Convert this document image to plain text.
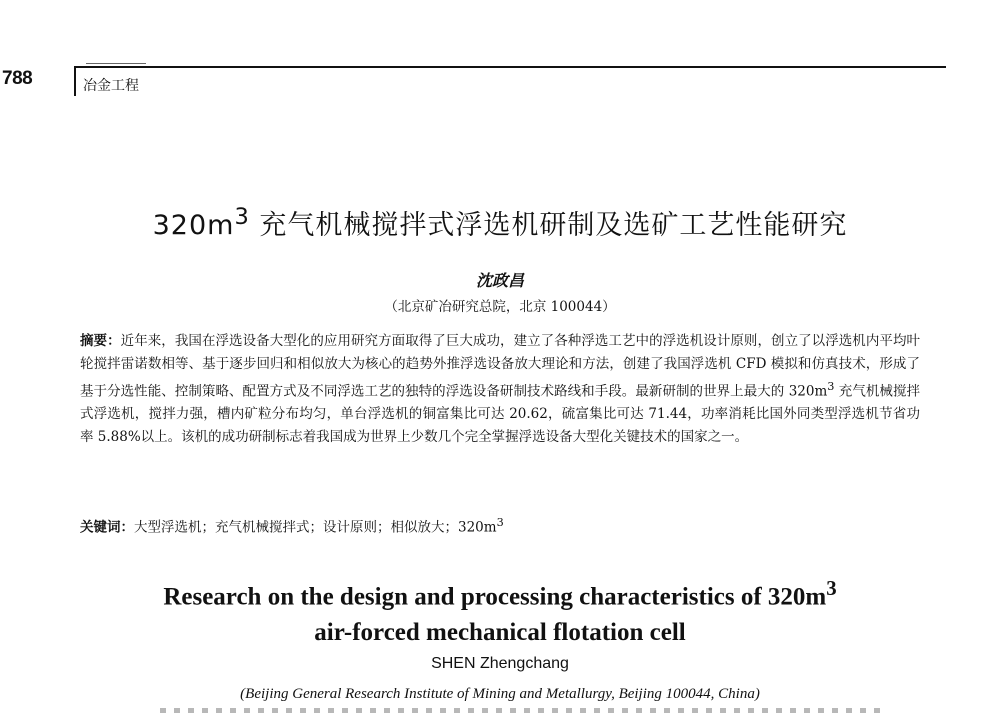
788	冶金工程
$320m^3$ 充气机械搅拌式浮选机研制及选矿工艺性能研究
沈政昌
（北京矿冶研究总院，北京 100044）
摘要：近年来，我国在浮选设备大型化的应用研究方面取得了巨大成功，建立了各种浮选工艺中的浮选机设计原则，创立了以浮选机内平均叶轮搅拌雷诺数相等、基于逐步回归和相似放大为核心的趋势外推浮选设备放大理论和方法，创建了我国浮选机 CFD 模拟和仿真技术，形成了基于分选性能、控制策略、配置方式及不同浮选工艺的独特的浮选设备研制技术路线和手段。最新研制的世界上最大的 $320m^3$ 充气机械搅拌式浮选机，搅拌力强，槽内矿粒分布均匀，单台浮选机的铜富集比可达 20.62，硫富集比可达 71.44，功率消耗比国外同类型浮选机节省功率 5.88%以上。该机的成功研制标志着我国成为世界上少数几个完全掌握浮选设备大型化关键技术的国家之一。
关键词：大型浮选机；充气机械搅拌式；设计原则；相似放大；$320m^3$
Research on the design and processing characteristics of $320m^3$
air-forced mechanical flotation cell
SHEN Zhengchang
(Beijing General Research Institute of Mining and Metallurgy, Beijing 100044, China)
